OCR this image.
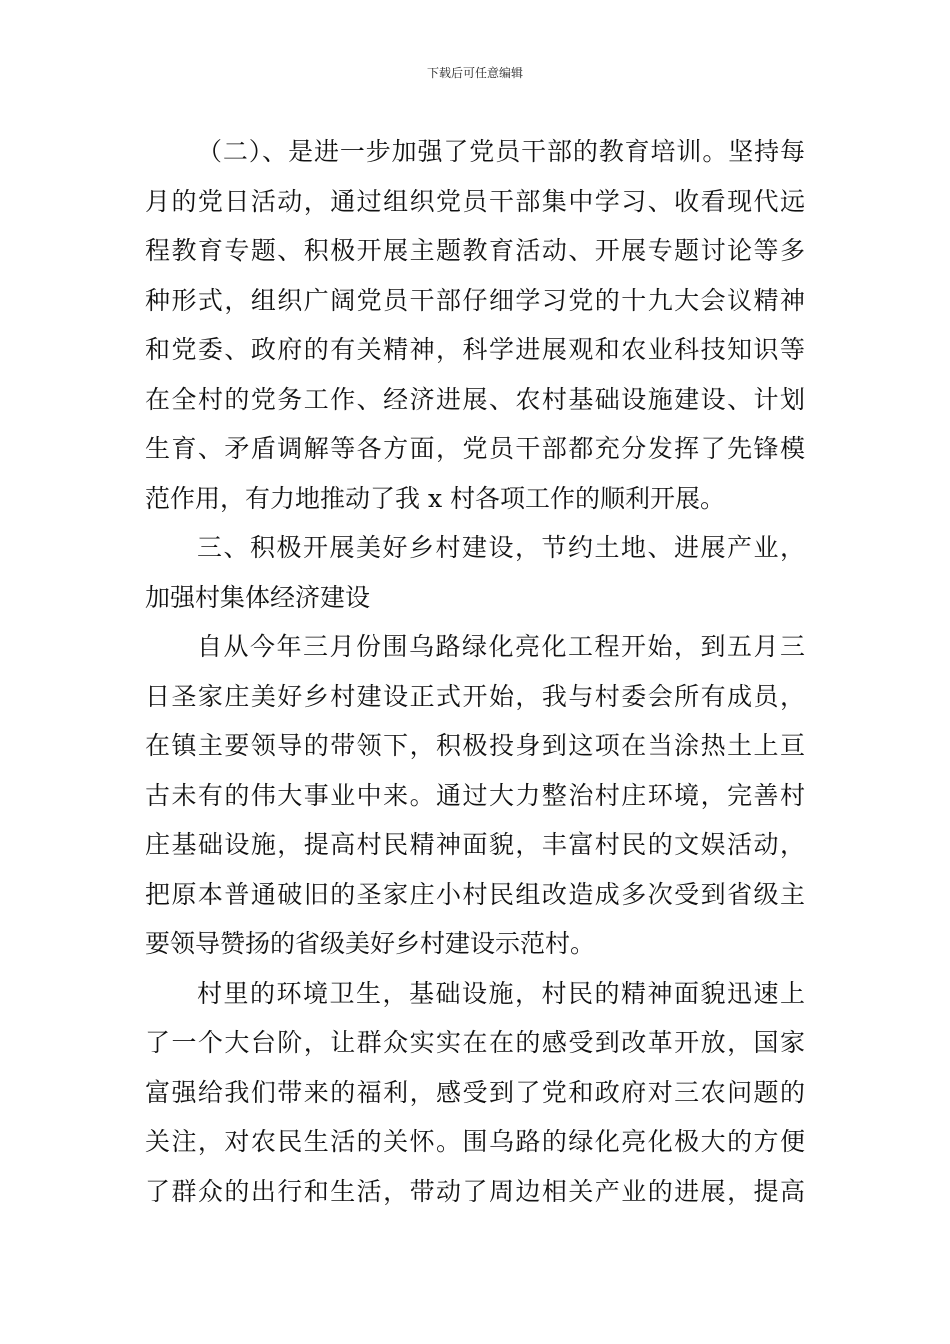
下载后可任意编辑
（二）、是进一步加强了党员干部的教育培训。坚持每
月的党日活动，通过组织党员干部集中学习、收看现代远
程教育专题、积极开展主题教育活动、开展专题讨论等多
种形式，组织广阔党员干部仔细学习党的十九大会议精神
和党委、政府的有关精神，科学进展观和农业科技知识等
在全村的党务工作、经济进展、农村基础设施建设、计划
生育、矛盾调解等各方面，党员干部都充分发挥了先锋模
范作用，有力地推动了我 x 村各项工作的顺利开展。
三、积极开展美好乡村建设，节约土地、进展产业，
加强村集体经济建设
自从今年三月份围乌路绿化亮化工程开始，到五月三
日圣家庄美好乡村建设正式开始，我与村委会所有成员，
在镇主要领导的带领下，积极投身到这项在当涂热土上亘
古未有的伟大事业中来。通过大力整治村庄环境，完善村
庄基础设施，提高村民精神面貌，丰富村民的文娱活动，
把原本普通破旧的圣家庄小村民组改造成多次受到省级主
要领导赞扬的省级美好乡村建设示范村。
村里的环境卫生，基础设施，村民的精神面貌迅速上
了一个大台阶，让群众实实在在的感受到改革开放，国家
富强给我们带来的福利，感受到了党和政府对三农问题的
关注，对农民生活的关怀。围乌路的绿化亮化极大的方便
了群众的出行和生活，带动了周边相关产业的进展，提高
